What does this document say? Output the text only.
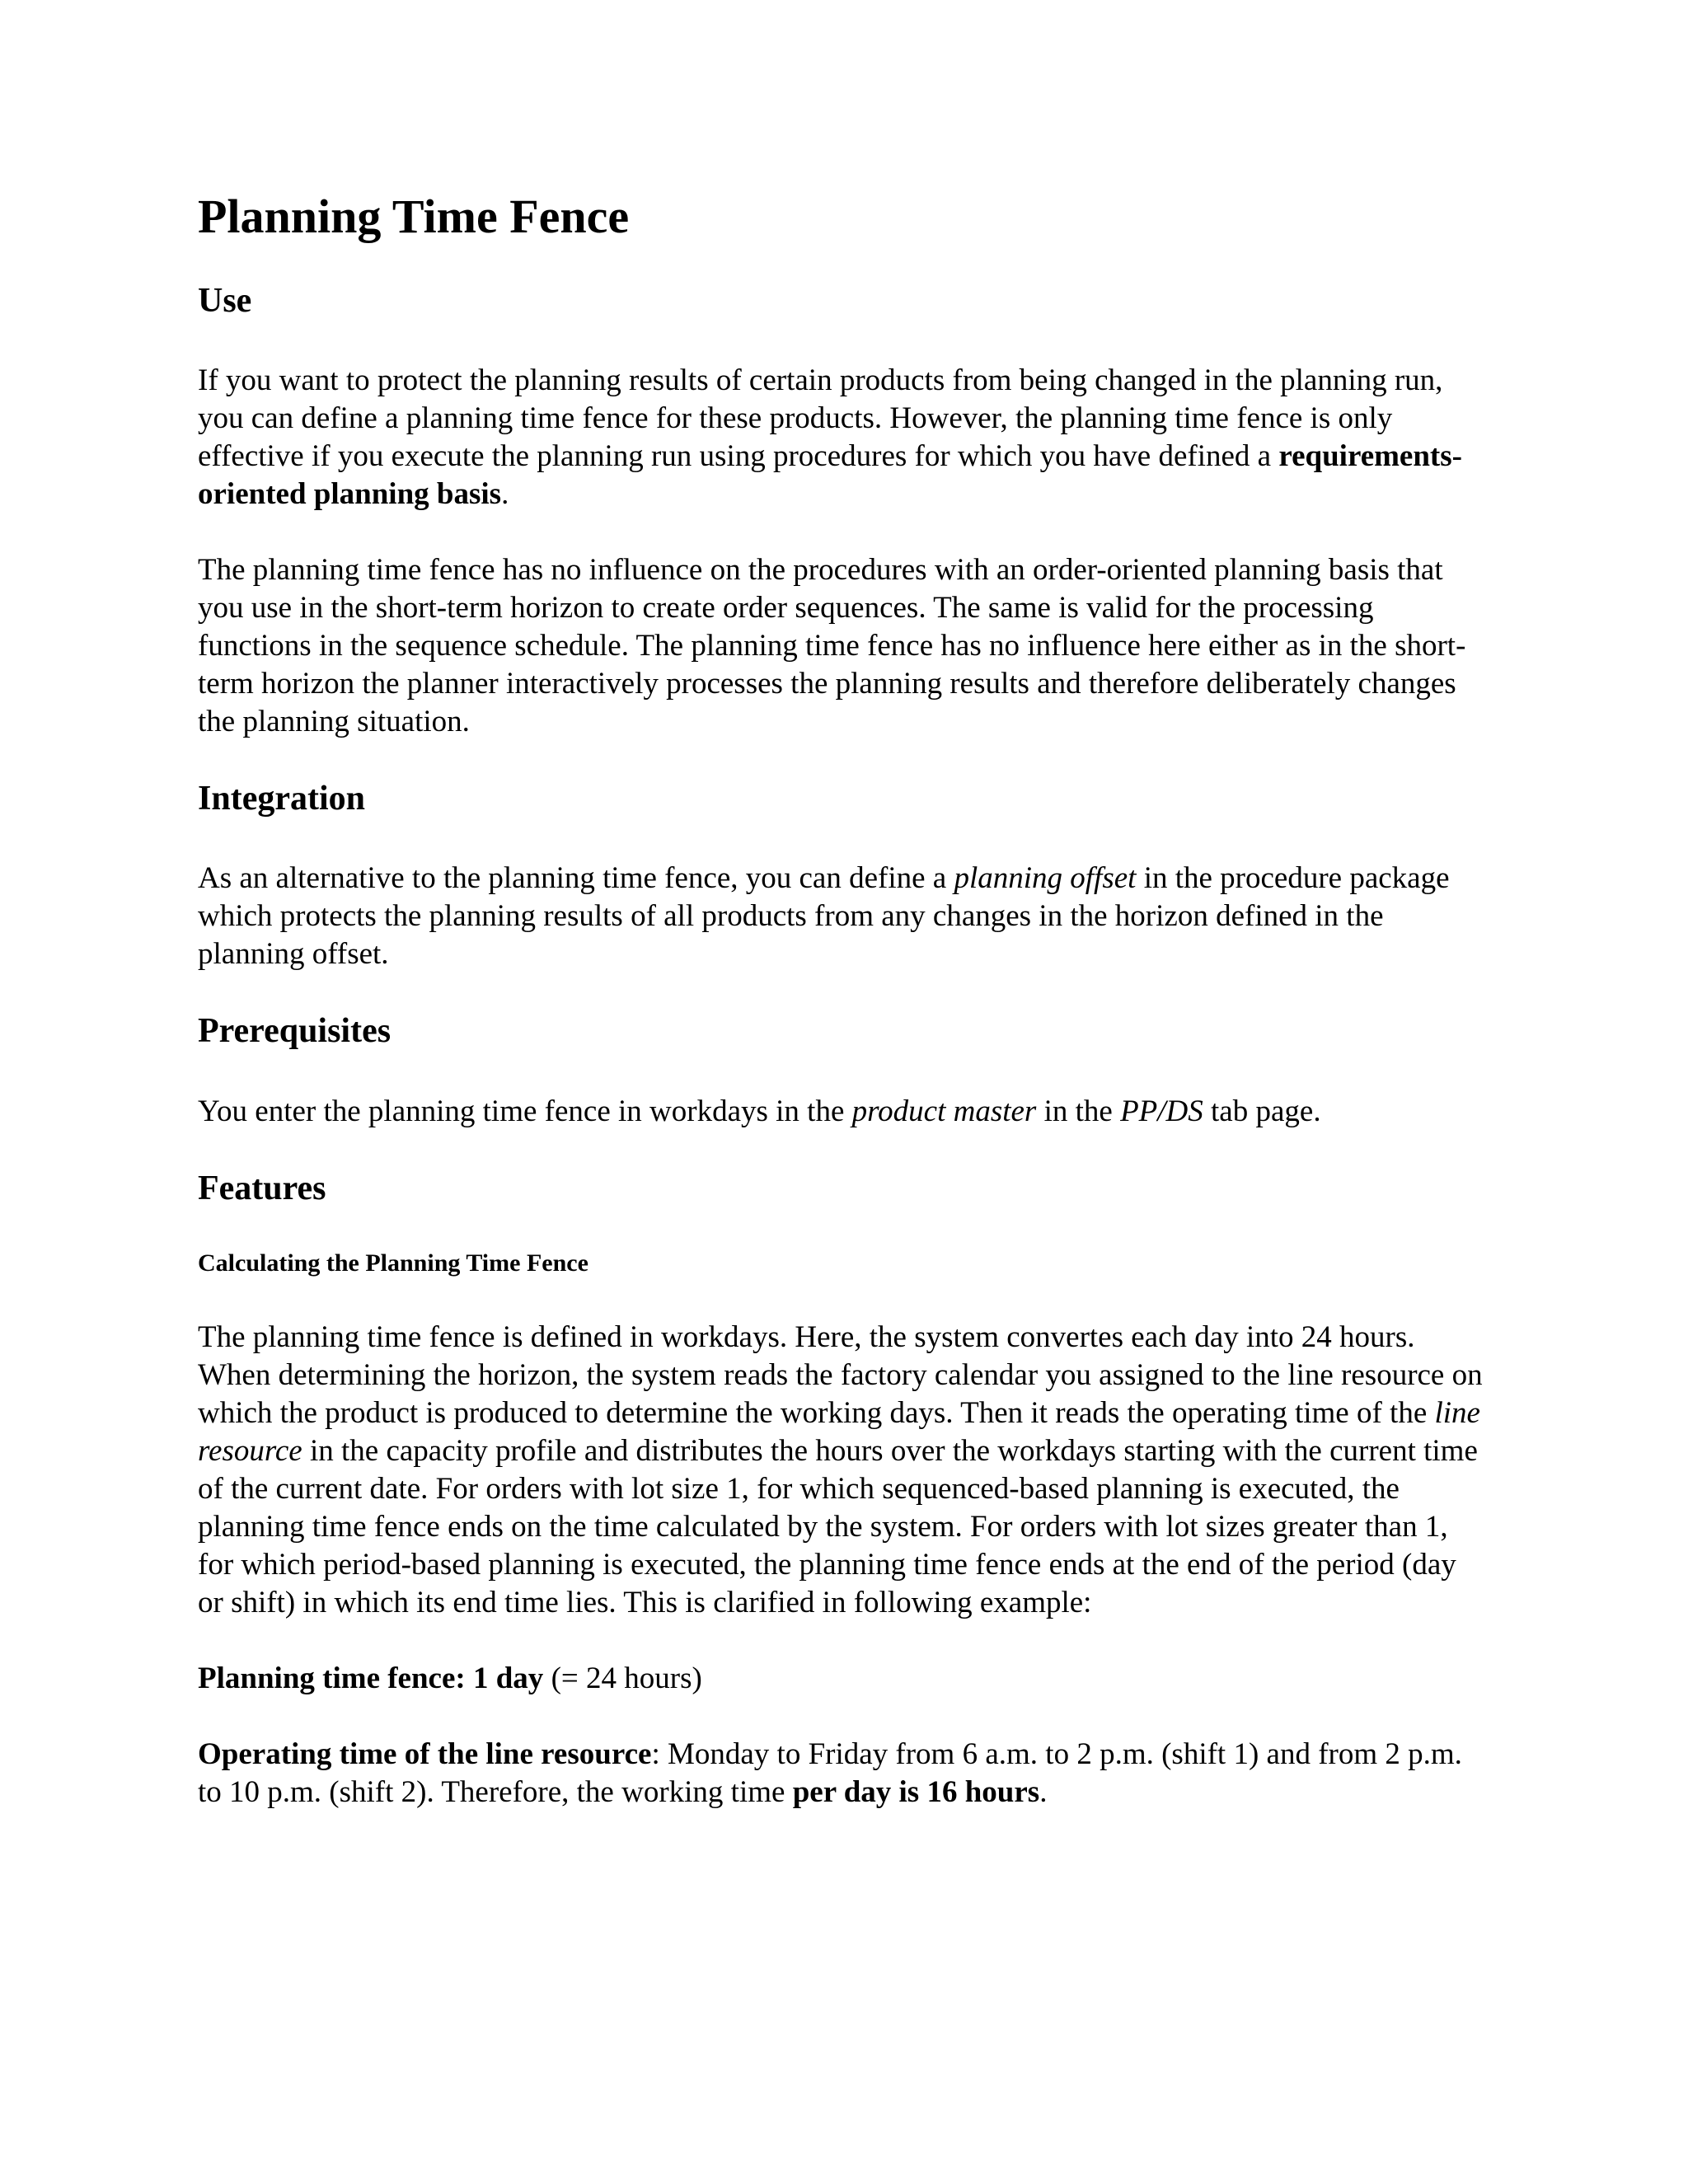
Planning Time Fence
Use

If you want to protect the planning results of certain products from being changed in the planning run, you can define a planning time fence for these products. However, the planning time fence is only effective if you execute the planning run using procedures for which you have defined a requirements-oriented planning basis.

The planning time fence has no influence on the procedures with an order-oriented planning basis that you use in the short-term horizon to create order sequences. The same is valid for the processing functions in the sequence schedule. The planning time fence has no influence here either as in the short-term horizon the planner interactively processes the planning results and therefore deliberately changes the planning situation.

Integration

As an alternative to the planning time fence, you can define a planning offset in the procedure package which protects the planning results of all products from any changes in the horizon defined in the planning offset.

Prerequisites

You enter the planning time fence in workdays in the product master in the PP/DS tab page.

Features
Calculating the Planning Time Fence

The planning time fence is defined in workdays. Here, the system convertes each day into 24 hours. When determining the horizon, the system reads the factory calendar you assigned to the line resource on which the product is produced to determine the working days. Then it reads the operating time of the line resource in the capacity profile and distributes the hours over the workdays starting with the current time of the current date. For orders with lot size 1, for which sequenced-based planning is executed, the planning time fence ends on the time calculated by the system. For orders with lot sizes greater than 1, for which period-based planning is executed, the planning time fence ends at the end of the period (day or shift) in which its end time lies. This is clarified in following example:

Planning time fence: 1 day (= 24 hours)

Operating time of the line resource: Monday to Friday from 6 a.m. to 2 p.m. (shift 1) and from 2 p.m. to 10 p.m. (shift 2). Therefore, the working time per day is 16 hours.
